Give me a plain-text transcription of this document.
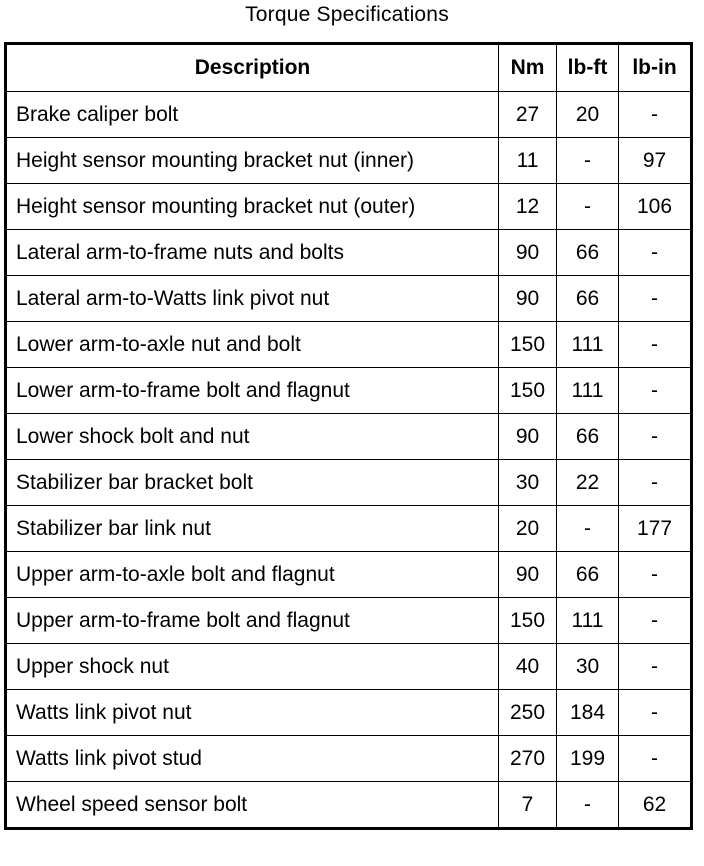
Torque Specifications
Description	Nm	lb-ft	lb-in
Brake caliper bolt	27	20	-
Height sensor mounting bracket nut (inner)	11	-	97
Height sensor mounting bracket nut (outer)	12	-	106
Lateral arm-to-frame nuts and bolts	90	66	-
Lateral arm-to-Watts link pivot nut	90	66	-
Lower arm-to-axle nut and bolt	150	111	-
Lower arm-to-frame bolt and flagnut	150	111	-
Lower shock bolt and nut	90	66	-
Stabilizer bar bracket bolt	30	22	-
Stabilizer bar link nut	20	-	177
Upper arm-to-axle bolt and flagnut	90	66	-
Upper arm-to-frame bolt and flagnut	150	111	-
Upper shock nut	40	30	-
Watts link pivot nut	250	184	-
Watts link pivot stud	270	199	-
Wheel speed sensor bolt	7	-	62
